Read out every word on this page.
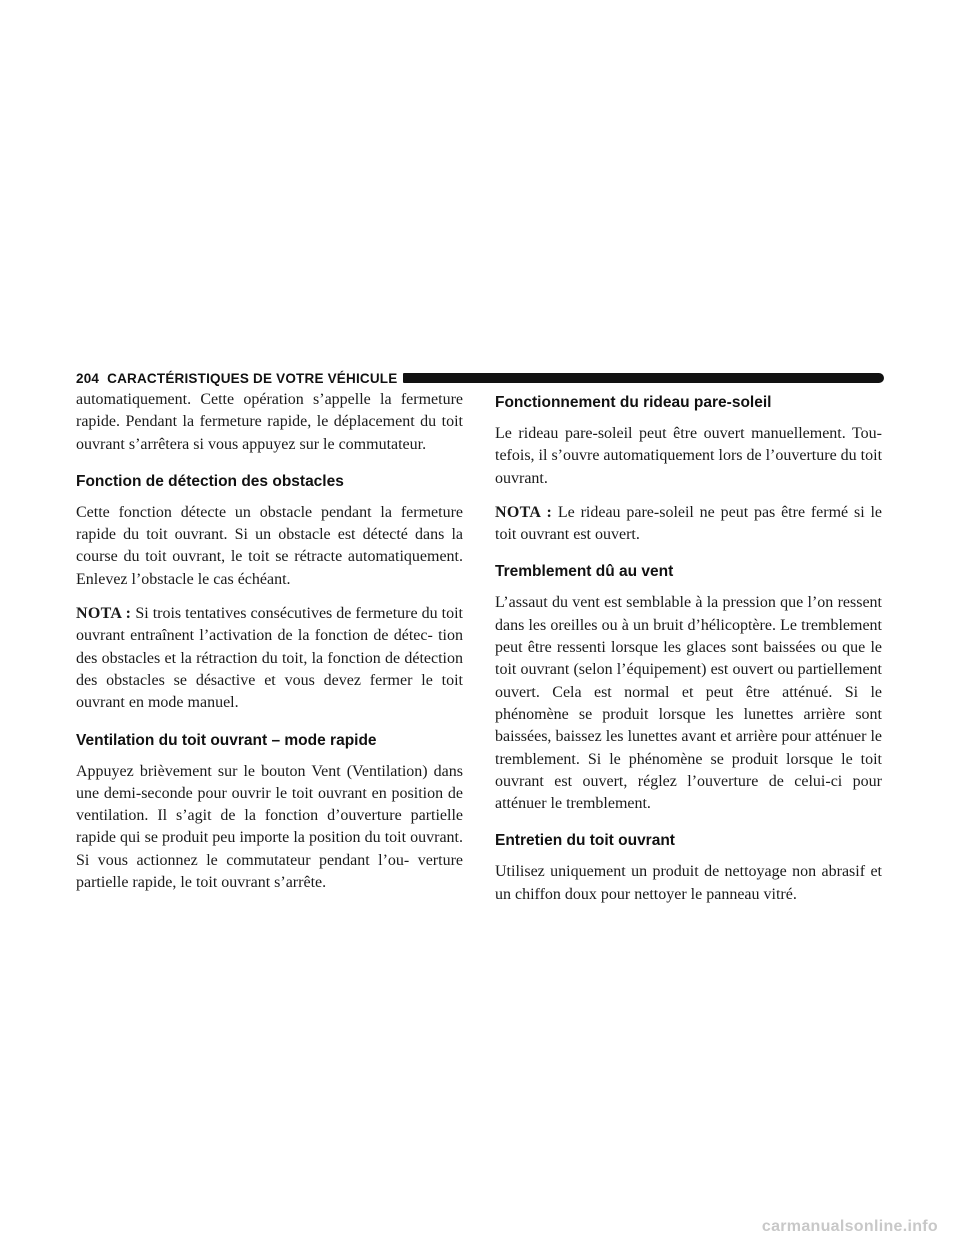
204 CARACTÉRISTIQUES DE VOTRE VÉHICULE

automatiquement. Cette opération s’appelle la fermeture rapide. Pendant la fermeture rapide, le déplacement du toit ouvrant s’arrêtera si vous appuyez sur le commutateur.

Fonction de détection des obstacles

Cette fonction détecte un obstacle pendant la fermeture rapide du toit ouvrant. Si un obstacle est détecté dans la course du toit ouvrant, le toit se rétracte automatiquement. Enlevez l’obstacle le cas échéant.

NOTA : Si trois tentatives consécutives de fermeture du toit ouvrant entraînent l’activation de la fonction de détec- tion des obstacles et la rétraction du toit, la fonction de détection des obstacles se désactive et vous devez fermer le toit ouvrant en mode manuel.

Ventilation du toit ouvrant – mode rapide

Appuyez brièvement sur le bouton Vent (Ventilation) dans une demi-seconde pour ouvrir le toit ouvrant en position de ventilation. Il s’agit de la fonction d’ouverture partielle rapide qui se produit peu importe la position du toit ouvrant. Si vous actionnez le commutateur pendant l’ou- verture partielle rapide, le toit ouvrant s’arrête.

Fonctionnement du rideau pare-soleil

Le rideau pare-soleil peut être ouvert manuellement. Tou- tefois, il s’ouvre automatiquement lors de l’ouverture du toit ouvrant.

NOTA : Le rideau pare-soleil ne peut pas être fermé si le toit ouvrant est ouvert.

Tremblement dû au vent

L’assaut du vent est semblable à la pression que l’on ressent dans les oreilles ou à un bruit d’hélicoptère. Le tremblement peut être ressenti lorsque les glaces sont baissées ou que le toit ouvrant (selon l’équipement) est ouvert ou partiellement ouvert. Cela est normal et peut être atténué. Si le phénomène se produit lorsque les lunettes arrière sont baissées, baissez les lunettes avant et arrière pour atténuer le tremblement. Si le phénomène se produit lorsque le toit ouvrant est ouvert, réglez l’ouverture de celui-ci pour atténuer le tremblement.

Entretien du toit ouvrant

Utilisez uniquement un produit de nettoyage non abrasif et un chiffon doux pour nettoyer le panneau vitré.

carmanualsonline.info
